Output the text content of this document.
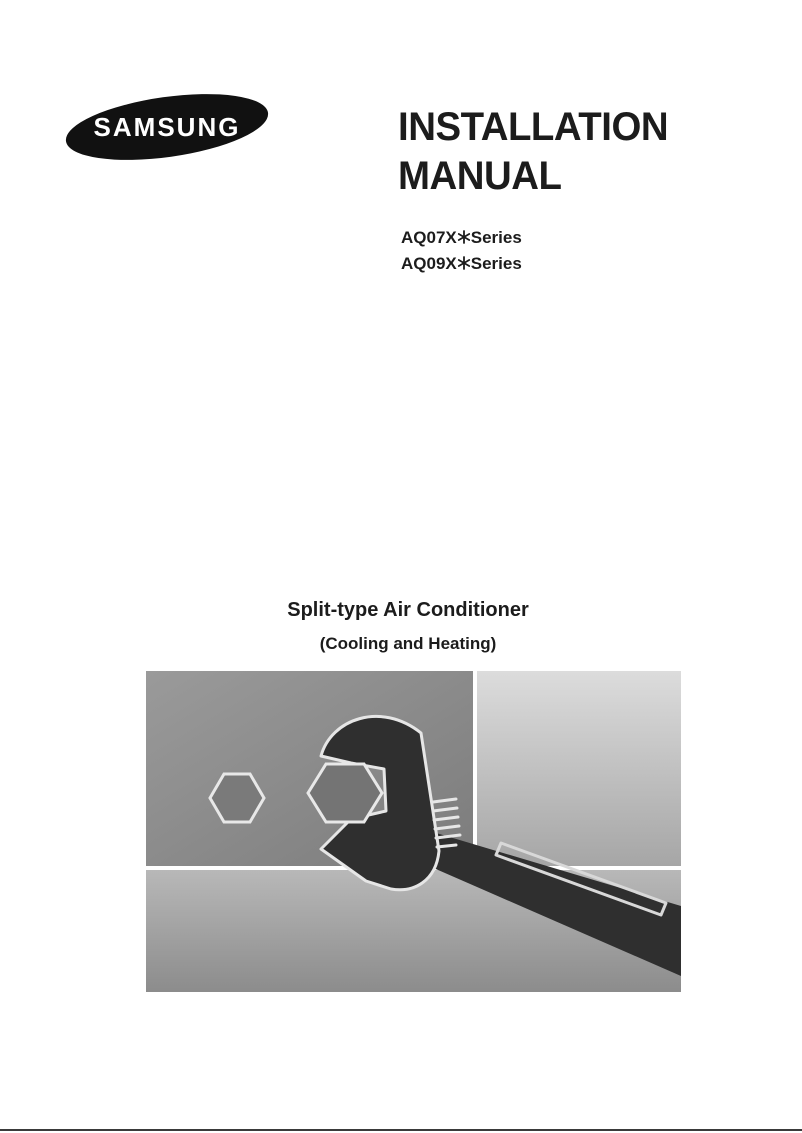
SAMSUNG	INSTALLATION
MANUAL
AQ07X Series
AQ09X Series
Split-type Air Conditioner
(Cooling and Heating)
